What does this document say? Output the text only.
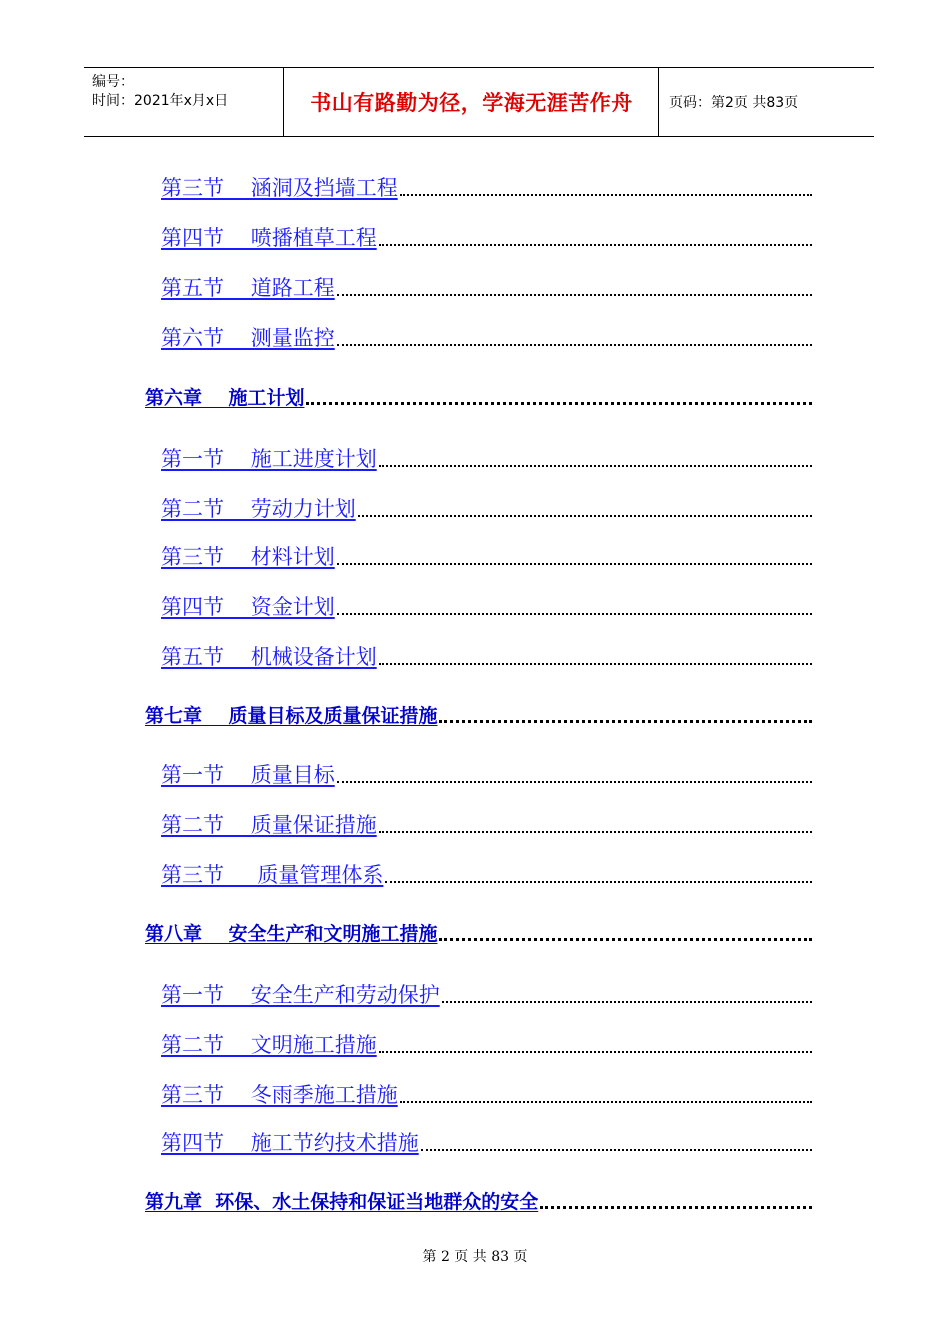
编号：
时间：2021年x月x日	书山有路勤为径，学海无涯苦作舟	页码：第2页 共83页
第三节    涵洞及挡墙工程
第四节    喷播植草工程
第五节    道路工程
第六节    测量监控
第六章    施工计划
第一节    施工进度计划
第二节    劳动力计划
第三节    材料计划
第四节    资金计划
第五节    机械设备计划
第七章    质量目标及质量保证措施
第一节    质量目标
第二节    质量保证措施
第三节     质量管理体系
第八章    安全生产和文明施工措施
第一节    安全生产和劳动保护
第二节    文明施工措施
第三节    冬雨季施工措施
第四节    施工节约技术措施
第九章  环保、水土保持和保证当地群众的安全
第 2 页 共 83 页
